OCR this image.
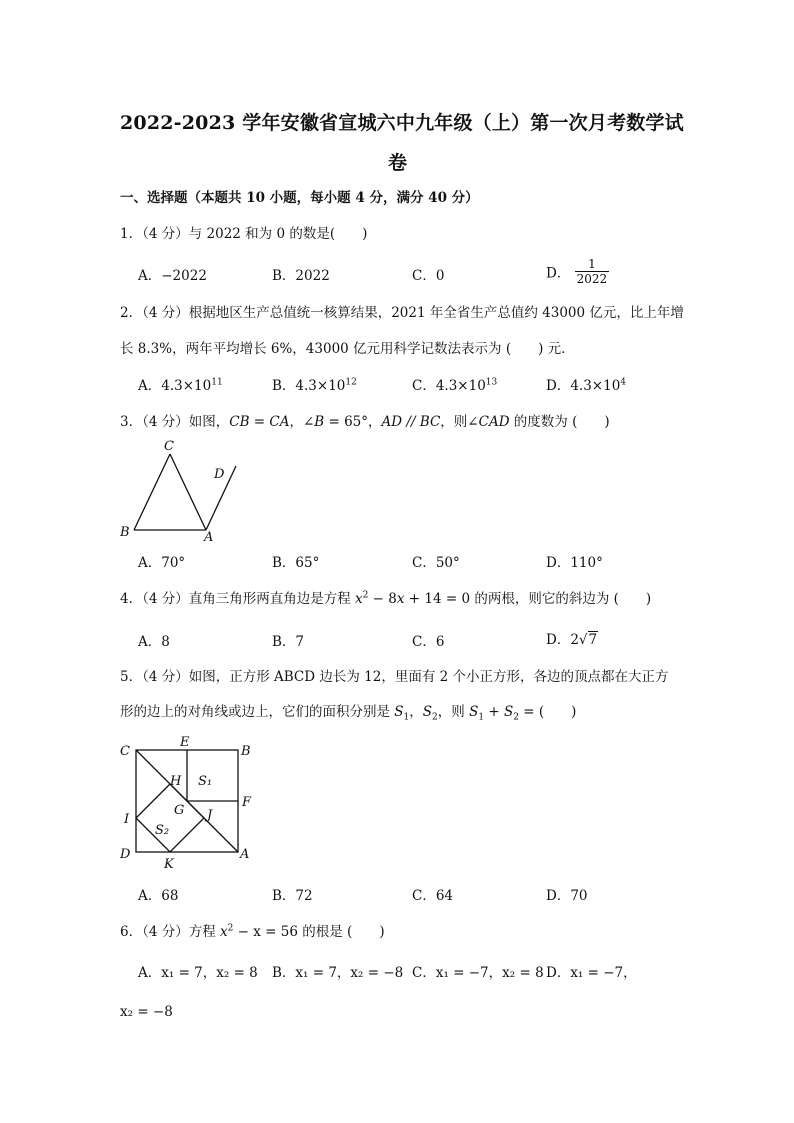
2022-2023 学年安徽省宣城六中九年级（上）第一次月考数学试
卷
一、选择题（本题共 10 小题，每小题 4 分，满分 40 分）
1．（4 分）与 2022 和为 0 的数是(　　)
A．−2022	B．2022	C．0	D． $\frac{1}{2022}$
2．（4 分）根据地区生产总值统一核算结果，2021 年全省生产总值约 43000 亿元，比上年增
长 8.3%，两年平均增长 6%，43000 亿元用科学记数法表示为 (　　) 元．
A．$4.3\times 10^{11}$	B．$4.3\times 10^{12}$	C．$4.3\times 10^{13}$	D．$4.3\times 10^4$
3．（4 分）如图，CB = CA，∠B = 65°，AD // BC，则∠CAD 的度数为 (　　)
C
D
B	A
A．70°	B．65°	C．50°	D．110°
4．（4 分）直角三角形两直角边是方程 $x^2 - 8x + 14 = 0$ 的两根，则它的斜边为 (　　)
A．8	B．7	C．6	D．2√7
5．（4 分）如图，正方形 ABCD 边长为 12，里面有 2 个小正方形，各边的顶点都在大正方
形的边上的对角线或边上，它们的面积分别是 $S_1$，$S_2$，则 $S_1 + S_2$ = (　　)
C
E
B
H S₁
F
G J
I
S₂
D
K
A
A．68	B．72	C．64	D．70
6．（4 分）方程 $x^2 - x = 56$ 的根是 (　　)
A．x₁ = 7，x₂ = 8 B．x₁ = 7，x₂ = −8 C．x₁ = −7，x₂ = 8 D．x₁ = −7，
x₂ = −8
